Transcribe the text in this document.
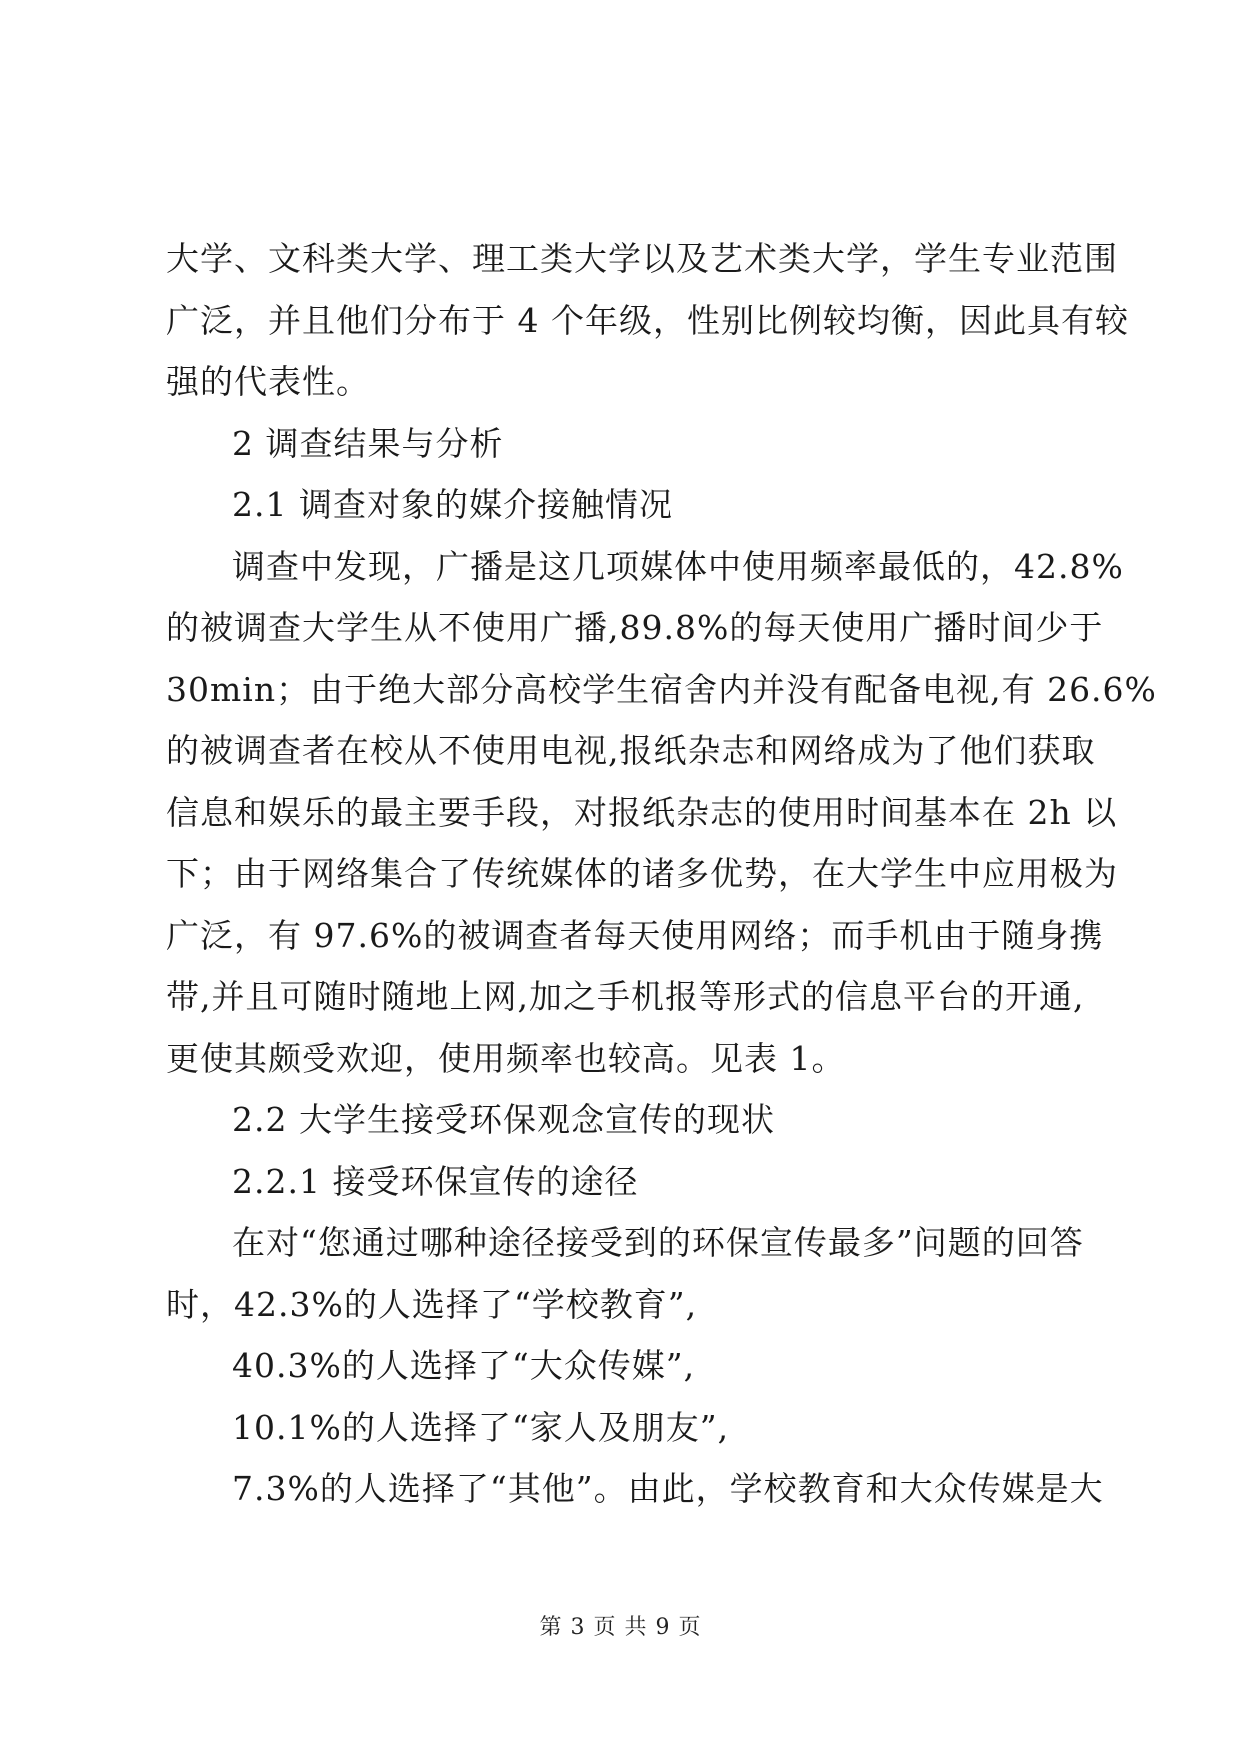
大学、文科类大学、理工类大学以及艺术类大学，学生专业范围
广泛，并且他们分布于 4 个年级，性别比例较均衡，因此具有较
强的代表性。
2 调查结果与分析
2.1 调查对象的媒介接触情况
调查中发现，广播是这几项媒体中使用频率最低的，42.8%
的被调查大学生从不使用广播,89.8%的每天使用广播时间少于
30min；由于绝大部分高校学生宿舍内并没有配备电视,有 26.6%
的被调查者在校从不使用电视,报纸杂志和网络成为了他们获取
信息和娱乐的最主要手段，对报纸杂志的使用时间基本在 2h 以
下；由于网络集合了传统媒体的诸多优势，在大学生中应用极为
广泛，有 97.6%的被调查者每天使用网络；而手机由于随身携
带,并且可随时随地上网,加之手机报等形式的信息平台的开通,
更使其颇受欢迎，使用频率也较高。见表 1。
2.2 大学生接受环保观念宣传的现状
2.2.1 接受环保宣传的途径
在对“您通过哪种途径接受到的环保宣传最多”问题的回答
时，42.3%的人选择了“学校教育”,
40.3%的人选择了“大众传媒”,
10.1%的人选择了“家人及朋友”,
7.3%的人选择了“其他”。由此，学校教育和大众传媒是大
第 3 页 共 9 页
